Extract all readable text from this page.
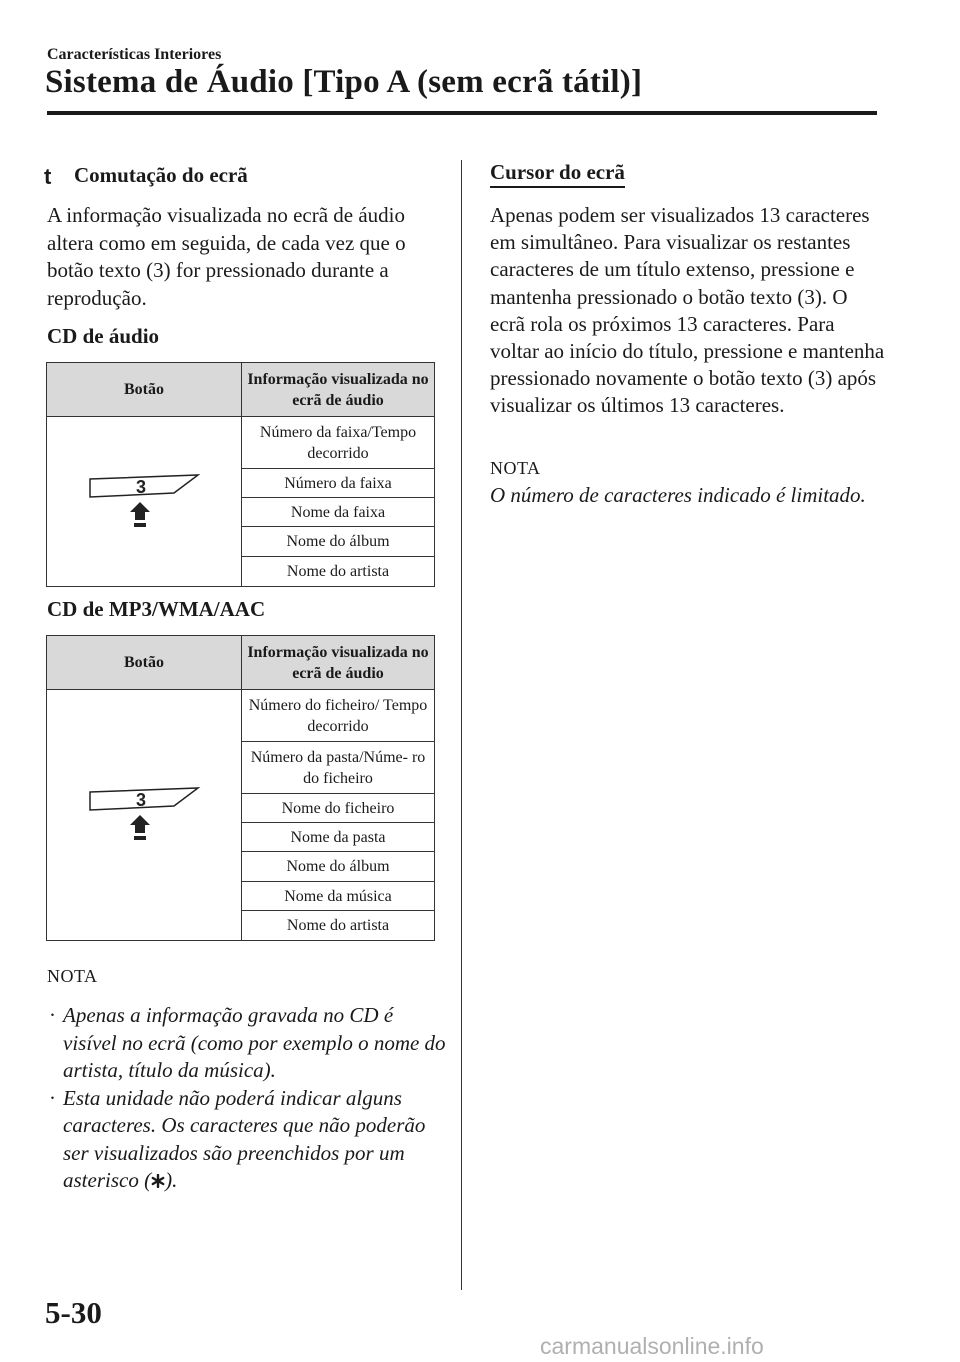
Características Interiores
Sistema de Áudio [Tipo A (sem ecrã tátil)]
t Comutação do ecrã
A informação visualizada no ecrã de áudio altera como em seguida, de cada vez que o botão texto (3) for pressionado durante a reprodução.
CD de áudio
Botão	Informação visualizada no ecrã de áudio

3	Número da faixa/Tempo decorrido
	Número da faixa
	Nome da faixa
	Nome do álbum
	Nome do artista
CD de MP3/WMA/AAC
Botão	Informação visualizada no ecrã de áudio

3	Número do ficheiro/ Tempo decorrido
	Número da pasta/Núme- ro do ficheiro
	Nome do ficheiro
	Nome da pasta
	Nome do álbum
	Nome da música
	Nome do artista
NOTA
· Apenas a informação gravada no CD é visível no ecrã (como por exemplo o nome do artista, título da música).
· Esta unidade não poderá indicar alguns caracteres. Os caracteres que não poderão ser visualizados são preenchidos por um asterisco ( ).
Cursor do ecrã
Apenas podem ser visualizados 13 caracteres em simultâneo. Para visualizar os restantes caracteres de um título extenso, pressione e mantenha pressionado o botão texto (3). O ecrã rola os próximos 13 caracteres. Para voltar ao início do título, pressione e mantenha pressionado novamente o botão texto (3) após visualizar os últimos 13 caracteres.
NOTA
O número de caracteres indicado é limitado.
5-30
carmanualsonline.info
